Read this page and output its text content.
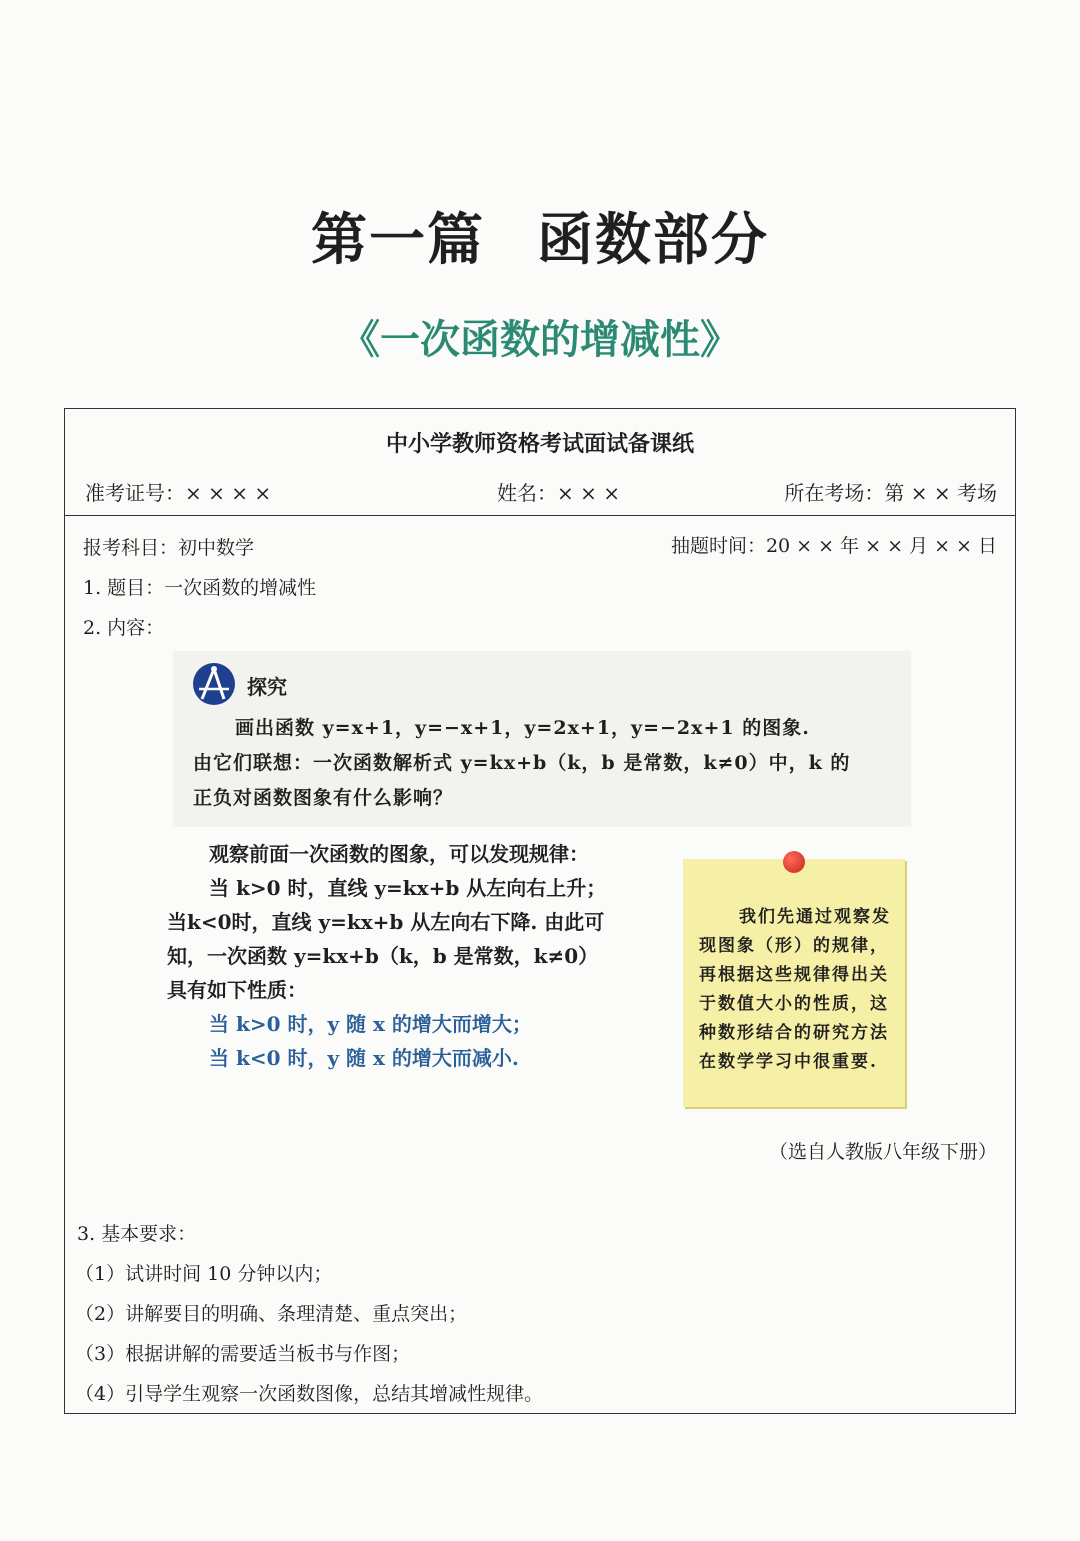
第一篇 函数部分
《一次函数的增减性》
中小学教师资格考试面试备课纸
准考证号：× × × ×	姓名：× × ×	所在考场：第 × × 考场
报考科目：初中数学	抽题时间：20 × × 年 × × 月 × × 日
1. 题目：一次函数的增减性
2. 内容：
探究
画出函数 y=x+1，y=−x+1，y=2x+1，y=−2x+1 的图象.
由它们联想：一次函数解析式 y=kx+b（k，b 是常数，k≠0）中，k 的
正负对函数图象有什么影响？
观察前面一次函数的图象，可以发现规律：
当 k>0 时，直线 y=kx+b 从左向右上升；
当k<0时，直线 y=kx+b 从左向右下降. 由此可
知，一次函数 y=kx+b（k，b 是常数，k≠0）
具有如下性质：
当 k>0 时，y 随 x 的增大而增大；
当 k<0 时，y 随 x 的增大而减小.
我们先通过观察发现图象（形）的规律，再根据这些规律得出关于数值大小的性质，这种数形结合的研究方法在数学学习中很重要.
（选自人教版八年级下册）
3. 基本要求：
（1）试讲时间 10 分钟以内；
（2）讲解要目的明确、条理清楚、重点突出；
（3）根据讲解的需要适当板书与作图；
（4）引导学生观察一次函数图像，总结其增减性规律。
